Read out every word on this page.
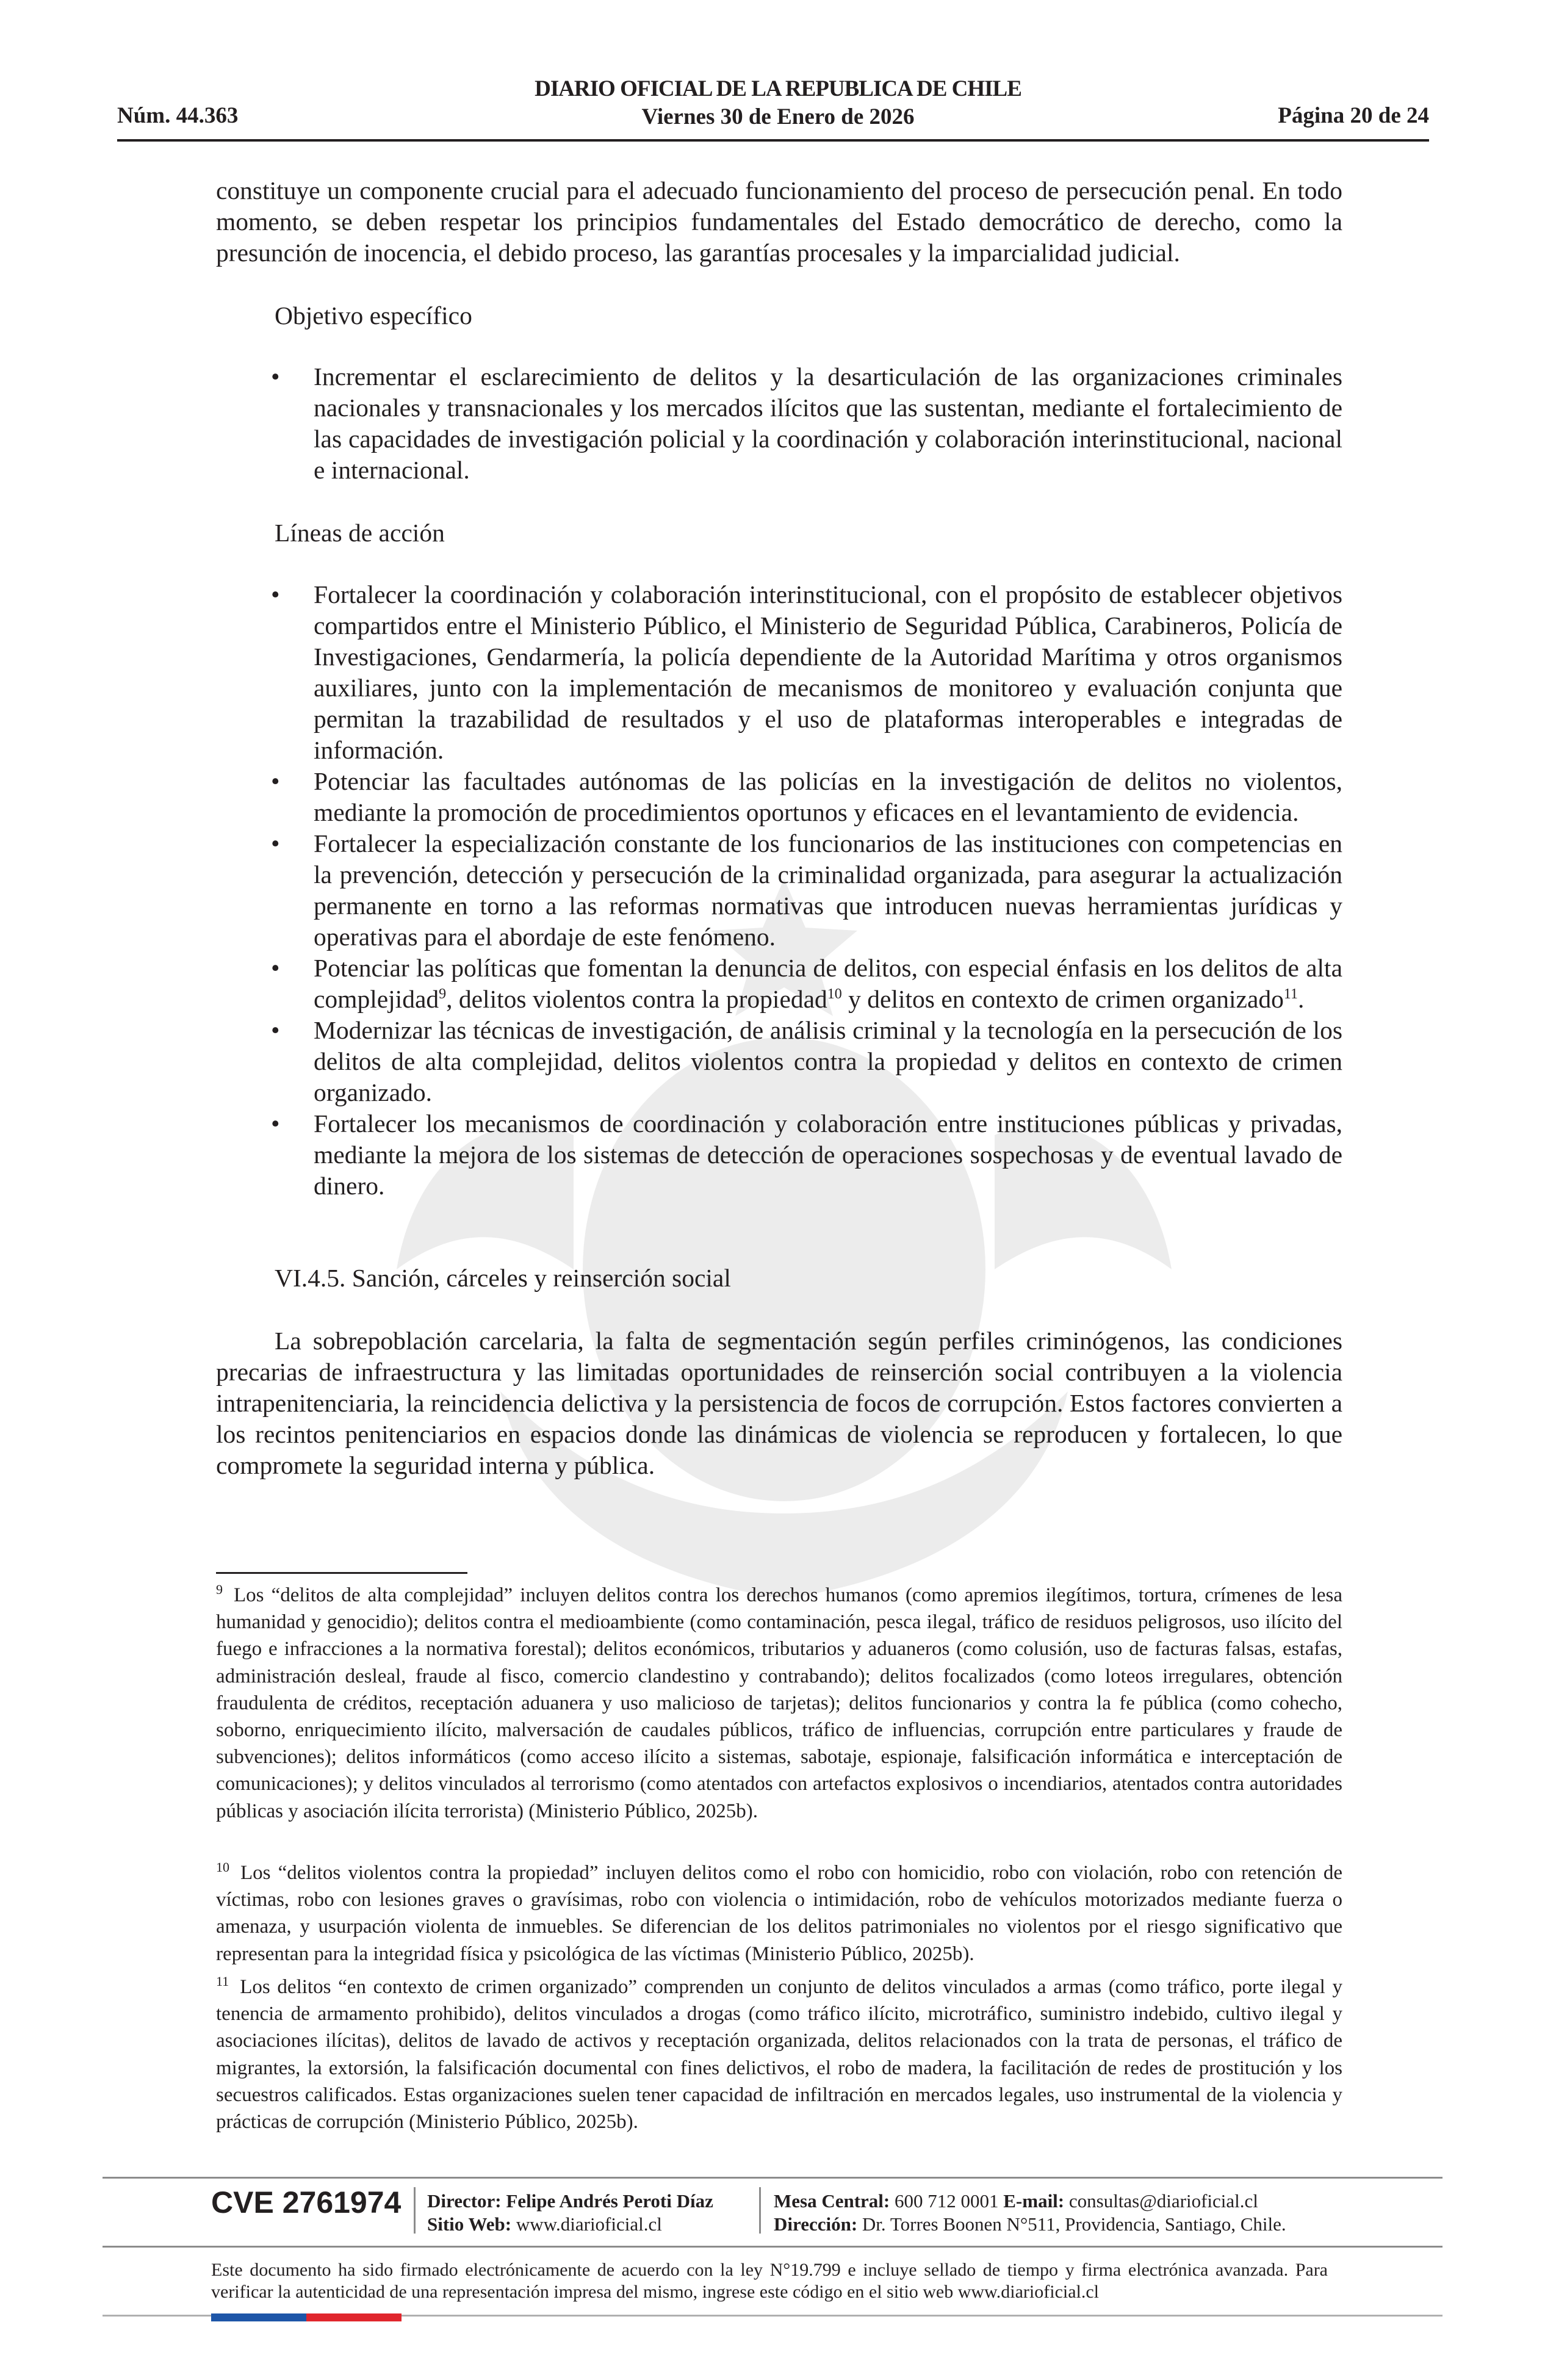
Núm. 44.363
DIARIO OFICIAL DE LA REPUBLICA DE CHILE
Viernes 30 de Enero de 2026	Página 20 de 24

constituye un componente crucial para el adecuado funcionamiento del proceso de persecución penal. En todo momento, se deben respetar los principios fundamentales del Estado democrático de derecho, como la presunción de inocencia, el debido proceso, las garantías procesales y la imparcialidad judicial.

Objetivo específico

• Incrementar el esclarecimiento de delitos y la desarticulación de las organizaciones criminales nacionales y transnacionales y los mercados ilícitos que las sustentan, mediante el fortalecimiento de las capacidades de investigación policial y la coordinación y colaboración interinstitucional, nacional e internacional.

Líneas de acción

• Fortalecer la coordinación y colaboración interinstitucional, con el propósito de establecer objetivos compartidos entre el Ministerio Público, el Ministerio de Seguridad Pública, Carabineros, Policía de Investigaciones, Gendarmería, la policía dependiente de la Autoridad Marítima y otros organismos auxiliares, junto con la implementación de mecanismos de monitoreo y evaluación conjunta que permitan la trazabilidad de resultados y el uso de plataformas interoperables e integradas de información.
• Potenciar las facultades autónomas de las policías en la investigación de delitos no violentos, mediante la promoción de procedimientos oportunos y eficaces en el levantamiento de evidencia.
• Fortalecer la especialización constante de los funcionarios de las instituciones con competencias en la prevención, detección y persecución de la criminalidad organizada, para asegurar la actualización permanente en torno a las reformas normativas que introducen nuevas herramientas jurídicas y operativas para el abordaje de este fenómeno.
• Potenciar las políticas que fomentan la denuncia de delitos, con especial énfasis en los delitos de alta complejidad$^9$, delitos violentos contra la propiedad$^{10}$ y delitos en contexto de crimen organizado$^{11}$.
• Modernizar las técnicas de investigación, de análisis criminal y la tecnología en la persecución de los delitos de alta complejidad, delitos violentos contra la propiedad y delitos en contexto de crimen organizado.
• Fortalecer los mecanismos de coordinación y colaboración entre instituciones públicas y privadas, mediante la mejora de los sistemas de detección de operaciones sospechosas y de eventual lavado de dinero.

VI.4.5. Sanción, cárceles y reinserción social

La sobrepoblación carcelaria, la falta de segmentación según perfiles criminógenos, las condiciones precarias de infraestructura y las limitadas oportunidades de reinserción social contribuyen a la violencia intrapenitenciaria, la reincidencia delictiva y la persistencia de focos de corrupción. Estos factores convierten a los recintos penitenciarios en espacios donde las dinámicas de violencia se reproducen y fortalecen, lo que compromete la seguridad interna y pública.

$^9$ Los “delitos de alta complejidad” incluyen delitos contra los derechos humanos (como apremios ilegítimos, tortura, crímenes de lesa humanidad y genocidio); delitos contra el medioambiente (como contaminación, pesca ilegal, tráfico de residuos peligrosos, uso ilícito del fuego e infracciones a la normativa forestal); delitos económicos, tributarios y aduaneros (como colusión, uso de facturas falsas, estafas, administración desleal, fraude al fisco, comercio clandestino y contrabando); delitos focalizados (como loteos irregulares, obtención fraudulenta de créditos, receptación aduanera y uso malicioso de tarjetas); delitos funcionarios y contra la fe pública (como cohecho, soborno, enriquecimiento ilícito, malversación de caudales públicos, tráfico de influencias, corrupción entre particulares y fraude de subvenciones); delitos informáticos (como acceso ilícito a sistemas, sabotaje, espionaje, falsificación informática e interceptación de comunicaciones); y delitos vinculados al terrorismo (como atentados con artefactos explosivos o incendiarios, atentados contra autoridades públicas y asociación ilícita terrorista) (Ministerio Público, 2025b).

$^{10}$ Los “delitos violentos contra la propiedad” incluyen delitos como el robo con homicidio, robo con violación, robo con retención de víctimas, robo con lesiones graves o gravísimas, robo con violencia o intimidación, robo de vehículos motorizados mediante fuerza o amenaza, y usurpación violenta de inmuebles. Se diferencian de los delitos patrimoniales no violentos por el riesgo significativo que representan para la integridad física y psicológica de las víctimas (Ministerio Público, 2025b).

$^{11}$ Los delitos “en contexto de crimen organizado” comprenden un conjunto de delitos vinculados a armas (como tráfico, porte ilegal y tenencia de armamento prohibido), delitos vinculados a drogas (como tráfico ilícito, microtráfico, suministro indebido, cultivo ilegal y asociaciones ilícitas), delitos de lavado de activos y receptación organizada, delitos relacionados con la trata de personas, el tráfico de migrantes, la extorsión, la falsificación documental con fines delictivos, el robo de madera, la facilitación de redes de prostitución y los secuestros calificados. Estas organizaciones suelen tener capacidad de infiltración en mercados legales, uso instrumental de la violencia y prácticas de corrupción (Ministerio Público, 2025b).

CVE 2761974 Director: Felipe Andrés Peroti Díaz
Sitio Web: www.diarioficial.cl
Mesa Central: 600 712 0001 E-mail: consultas@diarioficial.cl
Dirección: Dr. Torres Boonen N°511, Providencia, Santiago, Chile.
Este documento ha sido firmado electrónicamente de acuerdo con la ley N°19.799 e incluye sellado de tiempo y firma electrónica avanzada. Para verificar la autenticidad de una representación impresa del mismo, ingrese este código en el sitio web www.diarioficial.cl
